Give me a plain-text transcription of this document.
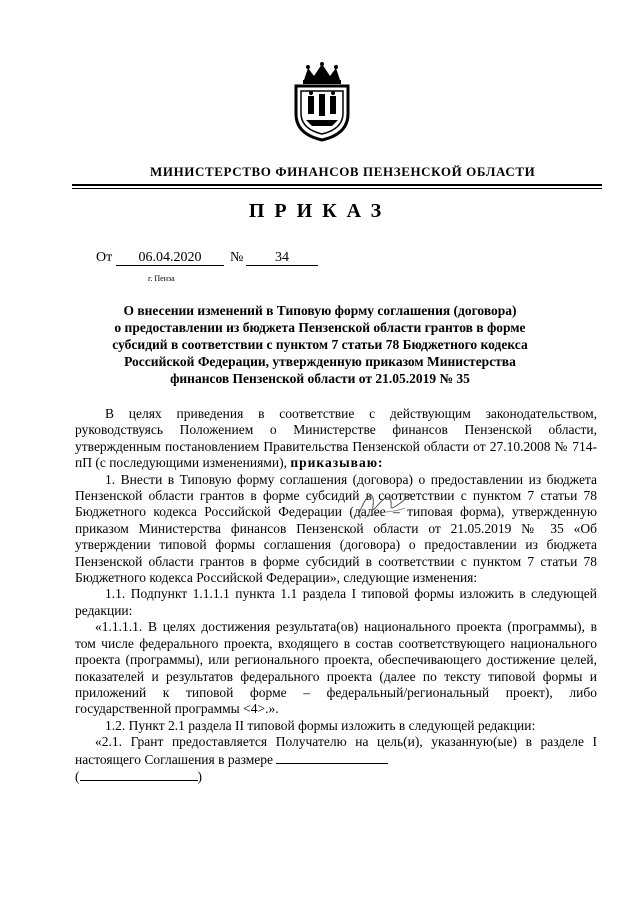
МИНИСТЕРСТВО ФИНАНСОВ ПЕНЗЕНСКОЙ ОБЛАСТИ
ПРИКАЗ
От	06.04.2020	№	34
г. Пенза
О внесении изменений в Типовую форму соглашения (договора)
о предоставлении из бюджета Пензенской области грантов в форме
субсидий в соответствии с пунктом 7 статьи 78 Бюджетного кодекса
Российской Федерации, утвержденную приказом Министерства
финансов Пензенской области от 21.05.2019 № 35

В целях приведения в соответствие с действующим законодательством, руководствуясь Положением о Министерстве финансов Пензенской области, утвержденным постановлением Правительства Пензенской области от 27.10.2008 № 714-пП (с последующими изменениями), приказываю:

1. Внести в Типовую форму соглашения (договора) о предоставлении из бюджета Пензенской области грантов в форме субсидий в соответствии с пунктом 7 статьи 78 Бюджетного кодекса Российской Федерации (далее – типовая форма), утвержденную приказом Министерства финансов Пензенской области от 21.05.2019 № 35 «Об утверждении типовой формы соглашения (договора) о предоставлении из бюджета Пензенской области грантов в форме субсидий в соответствии с пунктом 7 статьи 78 Бюджетного кодекса Российской Федерации», следующие изменения:

1.1. Подпункт 1.1.1.1 пункта 1.1 раздела I типовой формы изложить в следующей редакции:

«1.1.1.1. В целях достижения результата(ов) национального проекта (программы), в том числе федерального проекта, входящего в состав соответствующего национального проекта (программы), или регионального проекта, обеспечивающего достижение целей, показателей и результатов федерального проекта (далее по тексту типовой формы и приложений к типовой форме – федеральный/региональный проект), либо государственной программы <4>.».

1.2. Пункт 2.1 раздела II типовой формы изложить в следующей редакции:

«2.1. Грант предоставляется Получателю на цель(и), указанную(ые) в разделе I настоящего Соглашения в размере
(	)
